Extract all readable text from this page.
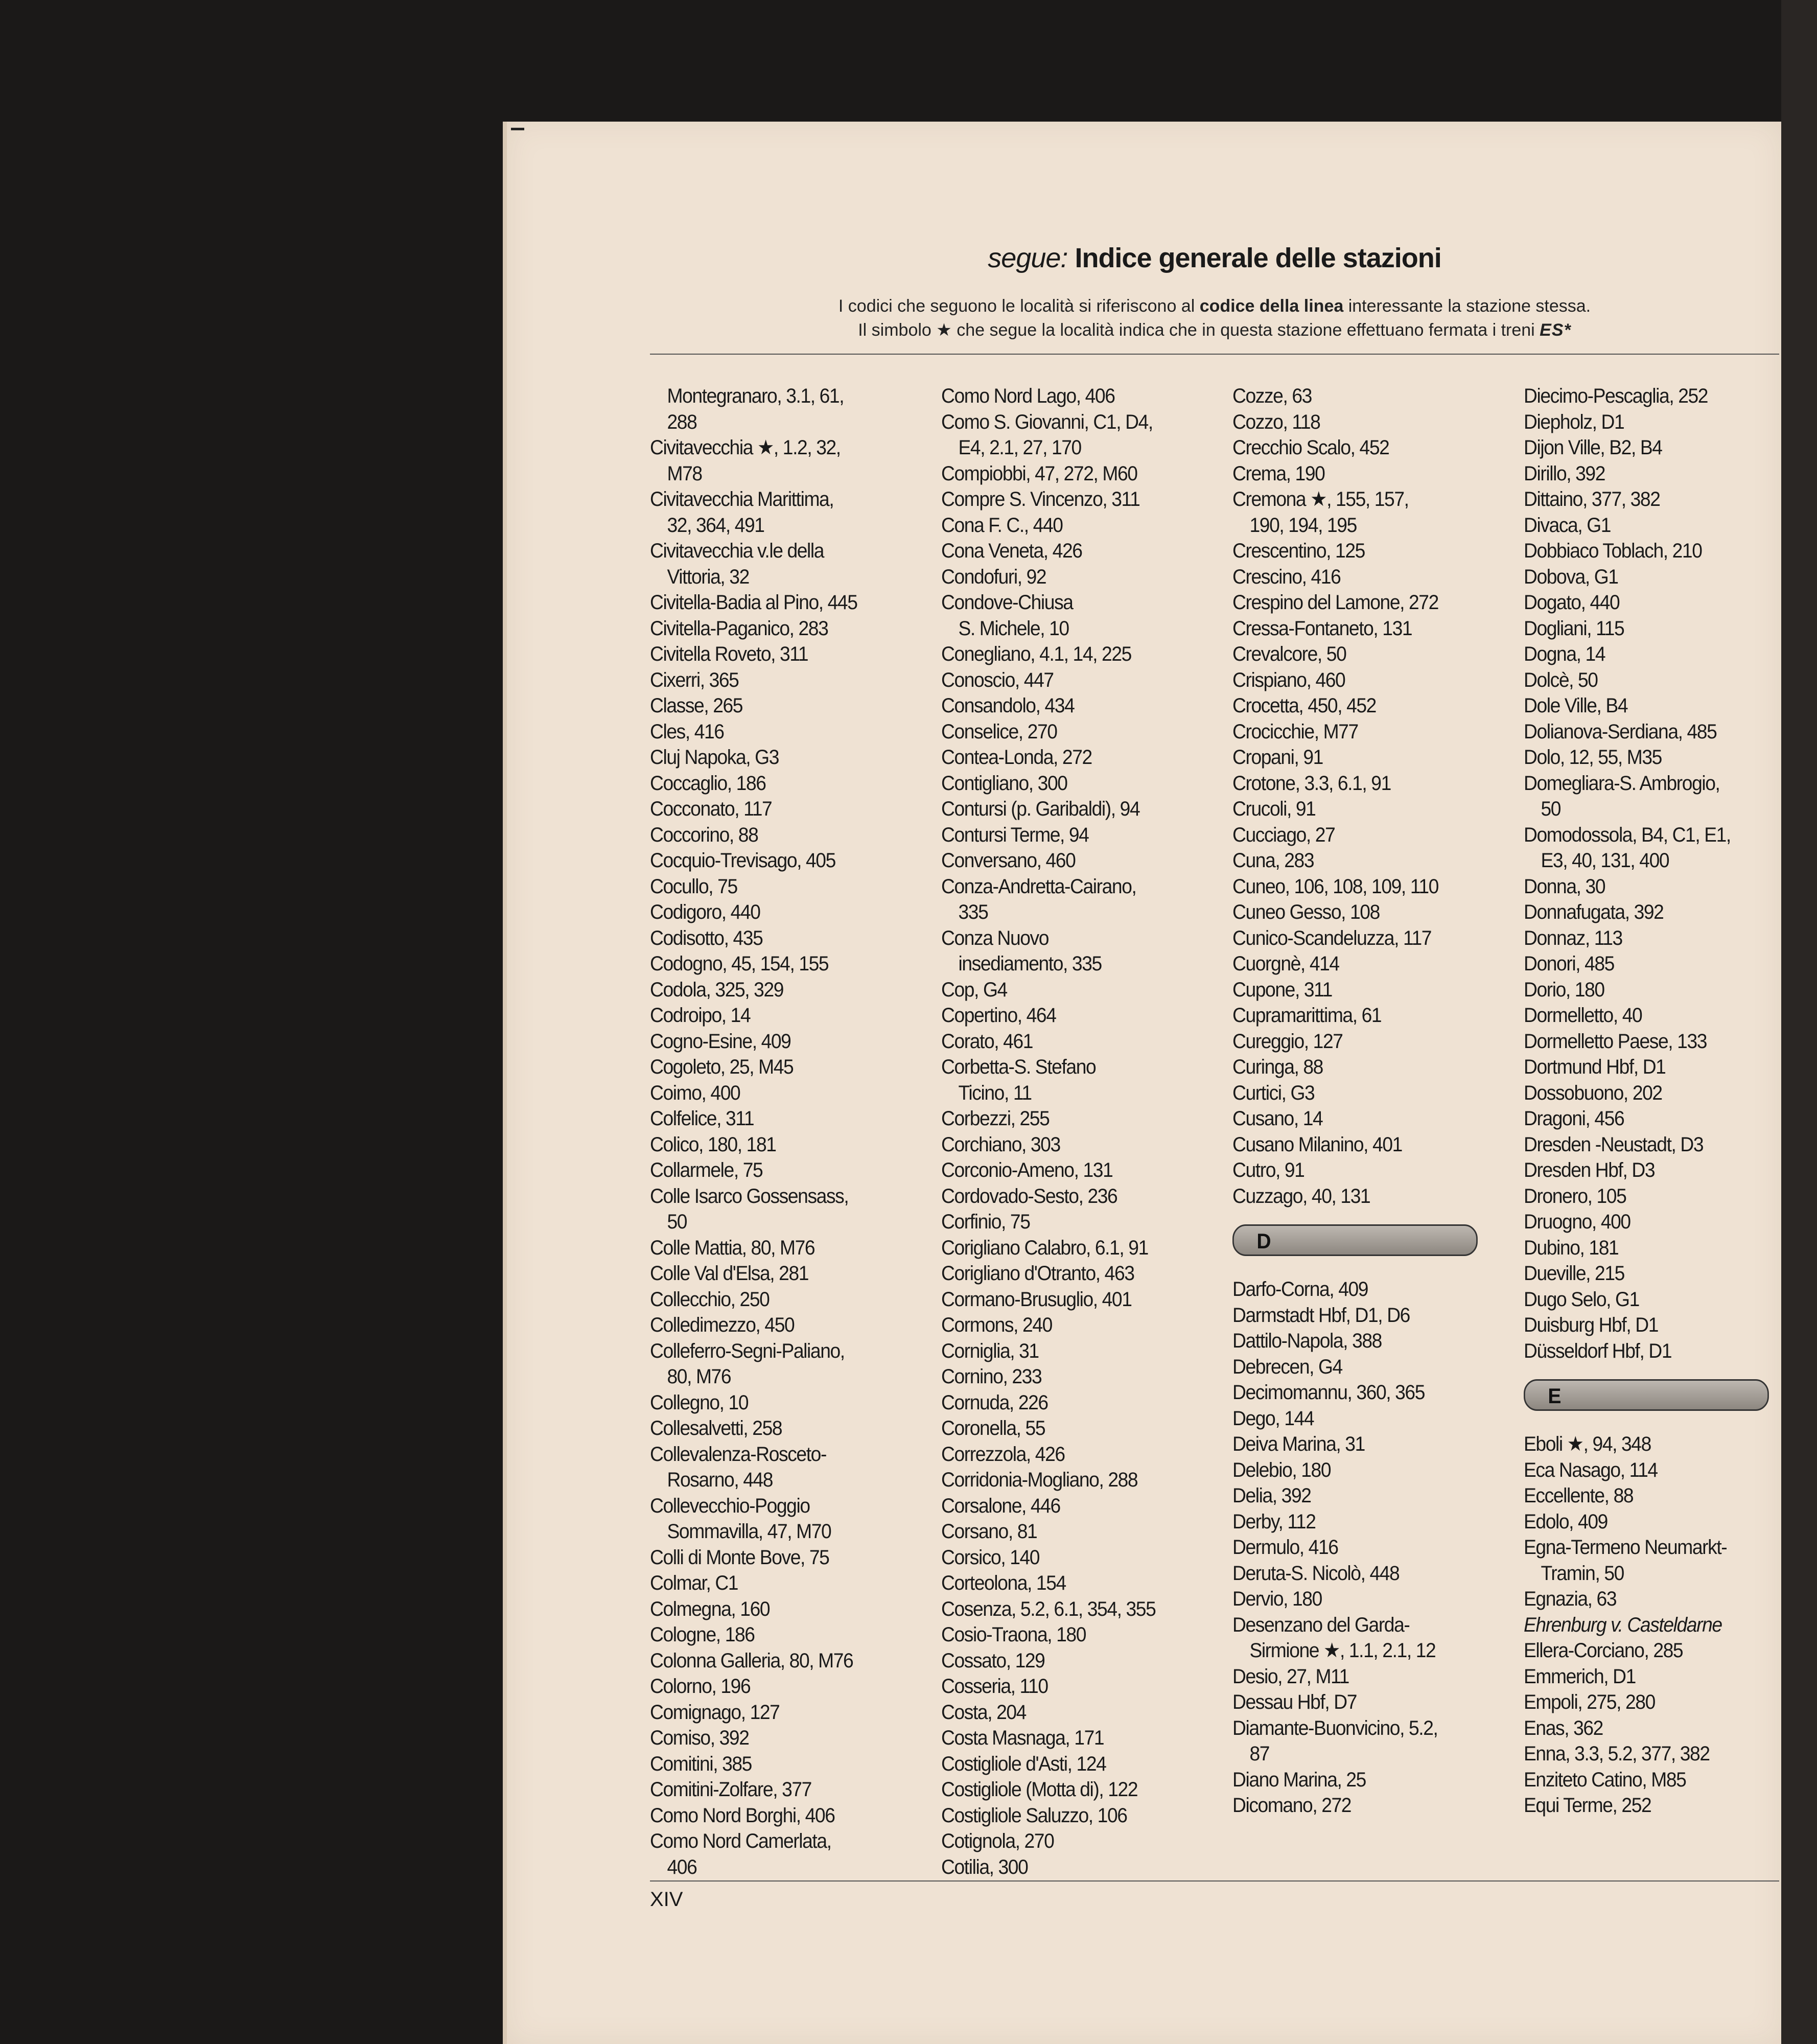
segue: Indice generale delle stazioni
I codici che seguono le località si riferiscono al codice della linea interessante la stazione stessa.
Il simbolo ★ che segue la località indica che in questa stazione effettuano fermata i treni ES*
Montegranaro, 3.1, 61,
288
Civitavecchia ★, 1.2, 32,
M78
Civitavecchia Marittima,
32, 364, 491
Civitavecchia v.le della
Vittoria, 32
Civitella-Badia al Pino, 445
Civitella-Paganico, 283
Civitella Roveto, 311
Cixerri, 365
Classe, 265
Cles, 416
Cluj Napoka, G3
Coccaglio, 186
Cocconato, 117
Coccorino, 88
Cocquio-Trevisago, 405
Cocullo, 75
Codigoro, 440
Codisotto, 435
Codogno, 45, 154, 155
Codola, 325, 329
Codroipo, 14
Cogno-Esine, 409
Cogoleto, 25, M45
Coimo, 400
Colfelice, 311
Colico, 180, 181
Collarmele, 75
Colle Isarco Gossensass,
50
Colle Mattia, 80, M76
Colle Val d'Elsa, 281
Collecchio, 250
Colledimezzo, 450
Colleferro-Segni-Paliano,
80, M76
Collegno, 10
Collesalvetti, 258
Collevalenza-Rosceto-
Rosarno, 448
Collevecchio-Poggio
Sommavilla, 47, M70
Colli di Monte Bove, 75
Colmar, C1
Colmegna, 160
Cologne, 186
Colonna Galleria, 80, M76
Colorno, 196
Comignago, 127
Comiso, 392
Comitini, 385
Comitini-Zolfare, 377
Como Nord Borghi, 406
Como Nord Camerlata,
406
Como Nord Lago, 406
Como S. Giovanni, C1, D4,
E4, 2.1, 27, 170
Compiobbi, 47, 272, M60
Compre S. Vincenzo, 311
Cona F. C., 440
Cona Veneta, 426
Condofuri, 92
Condove-Chiusa
S. Michele, 10
Conegliano, 4.1, 14, 225
Conoscio, 447
Consandolo, 434
Conselice, 270
Contea-Londa, 272
Contigliano, 300
Contursi (p. Garibaldi), 94
Contursi Terme, 94
Conversano, 460
Conza-Andretta-Cairano,
335
Conza Nuovo
insediamento, 335
Cop, G4
Copertino, 464
Corato, 461
Corbetta-S. Stefano
Ticino, 11
Corbezzi, 255
Corchiano, 303
Corconio-Ameno, 131
Cordovado-Sesto, 236
Corfinio, 75
Corigliano Calabro, 6.1, 91
Corigliano d'Otranto, 463
Cormano-Brusuglio, 401
Cormons, 240
Corniglia, 31
Cornino, 233
Cornuda, 226
Coronella, 55
Correzzola, 426
Corridonia-Mogliano, 288
Corsalone, 446
Corsano, 81
Corsico, 140
Corteolona, 154
Cosenza, 5.2, 6.1, 354, 355
Cosio-Traona, 180
Cossato, 129
Cosseria, 110
Costa, 204
Costa Masnaga, 171
Costigliole d'Asti, 124
Costigliole (Motta di), 122
Costigliole Saluzzo, 106
Cotignola, 270
Cotilia, 300
Cozze, 63
Cozzo, 118
Crecchio Scalo, 452
Crema, 190
Cremona ★, 155, 157,
190, 194, 195
Crescentino, 125
Crescino, 416
Crespino del Lamone, 272
Cressa-Fontaneto, 131
Crevalcore, 50
Crispiano, 460
Crocetta, 450, 452
Crocicchie, M77
Cropani, 91
Crotone, 3.3, 6.1, 91
Crucoli, 91
Cucciago, 27
Cuna, 283
Cuneo, 106, 108, 109, 110
Cuneo Gesso, 108
Cunico-Scandeluzza, 117
Cuorgnè, 414
Cupone, 311
Cupramarittima, 61
Cureggio, 127
Curinga, 88
Curtici, G3
Cusano, 14
Cusano Milanino, 401
Cutro, 91
Cuzzago, 40, 131
D
Darfo-Corna, 409
Darmstadt Hbf, D1, D6
Dattilo-Napola, 388
Debrecen, G4
Decimomannu, 360, 365
Dego, 144
Deiva Marina, 31
Delebio, 180
Delia, 392
Derby, 112
Dermulo, 416
Deruta-S. Nicolò, 448
Dervio, 180
Desenzano del Garda-
Sirmione ★, 1.1, 2.1, 12
Desio, 27, M11
Dessau Hbf, D7
Diamante-Buonvicino, 5.2,
87
Diano Marina, 25
Dicomano, 272
Diecimo-Pescaglia, 252
Diepholz, D1
Dijon Ville, B2, B4
Dirillo, 392
Dittaino, 377, 382
Divaca, G1
Dobbiaco Toblach, 210
Dobova, G1
Dogato, 440
Dogliani, 115
Dogna, 14
Dolcè, 50
Dole Ville, B4
Dolianova-Serdiana, 485
Dolo, 12, 55, M35
Domegliara-S. Ambrogio,
50
Domodossola, B4, C1, E1,
E3, 40, 131, 400
Donna, 30
Donnafugata, 392
Donnaz, 113
Donori, 485
Dorio, 180
Dormelletto, 40
Dormelletto Paese, 133
Dortmund Hbf, D1
Dossobuono, 202
Dragoni, 456
Dresden -Neustadt, D3
Dresden Hbf, D3
Dronero, 105
Druogno, 400
Dubino, 181
Dueville, 215
Dugo Selo, G1
Duisburg Hbf, D1
Düsseldorf Hbf, D1
E
Eboli ★, 94, 348
Eca Nasago, 114
Eccellente, 88
Edolo, 409
Egna-Termeno Neumarkt-
Tramin, 50
Egnazia, 63
Ehrenburg v. Casteldarne
Ellera-Corciano, 285
Emmerich, D1
Empoli, 275, 280
Enas, 362
Enna, 3.3, 5.2, 377, 382
Enziteto Catino, M85
Equi Terme, 252
XIV
